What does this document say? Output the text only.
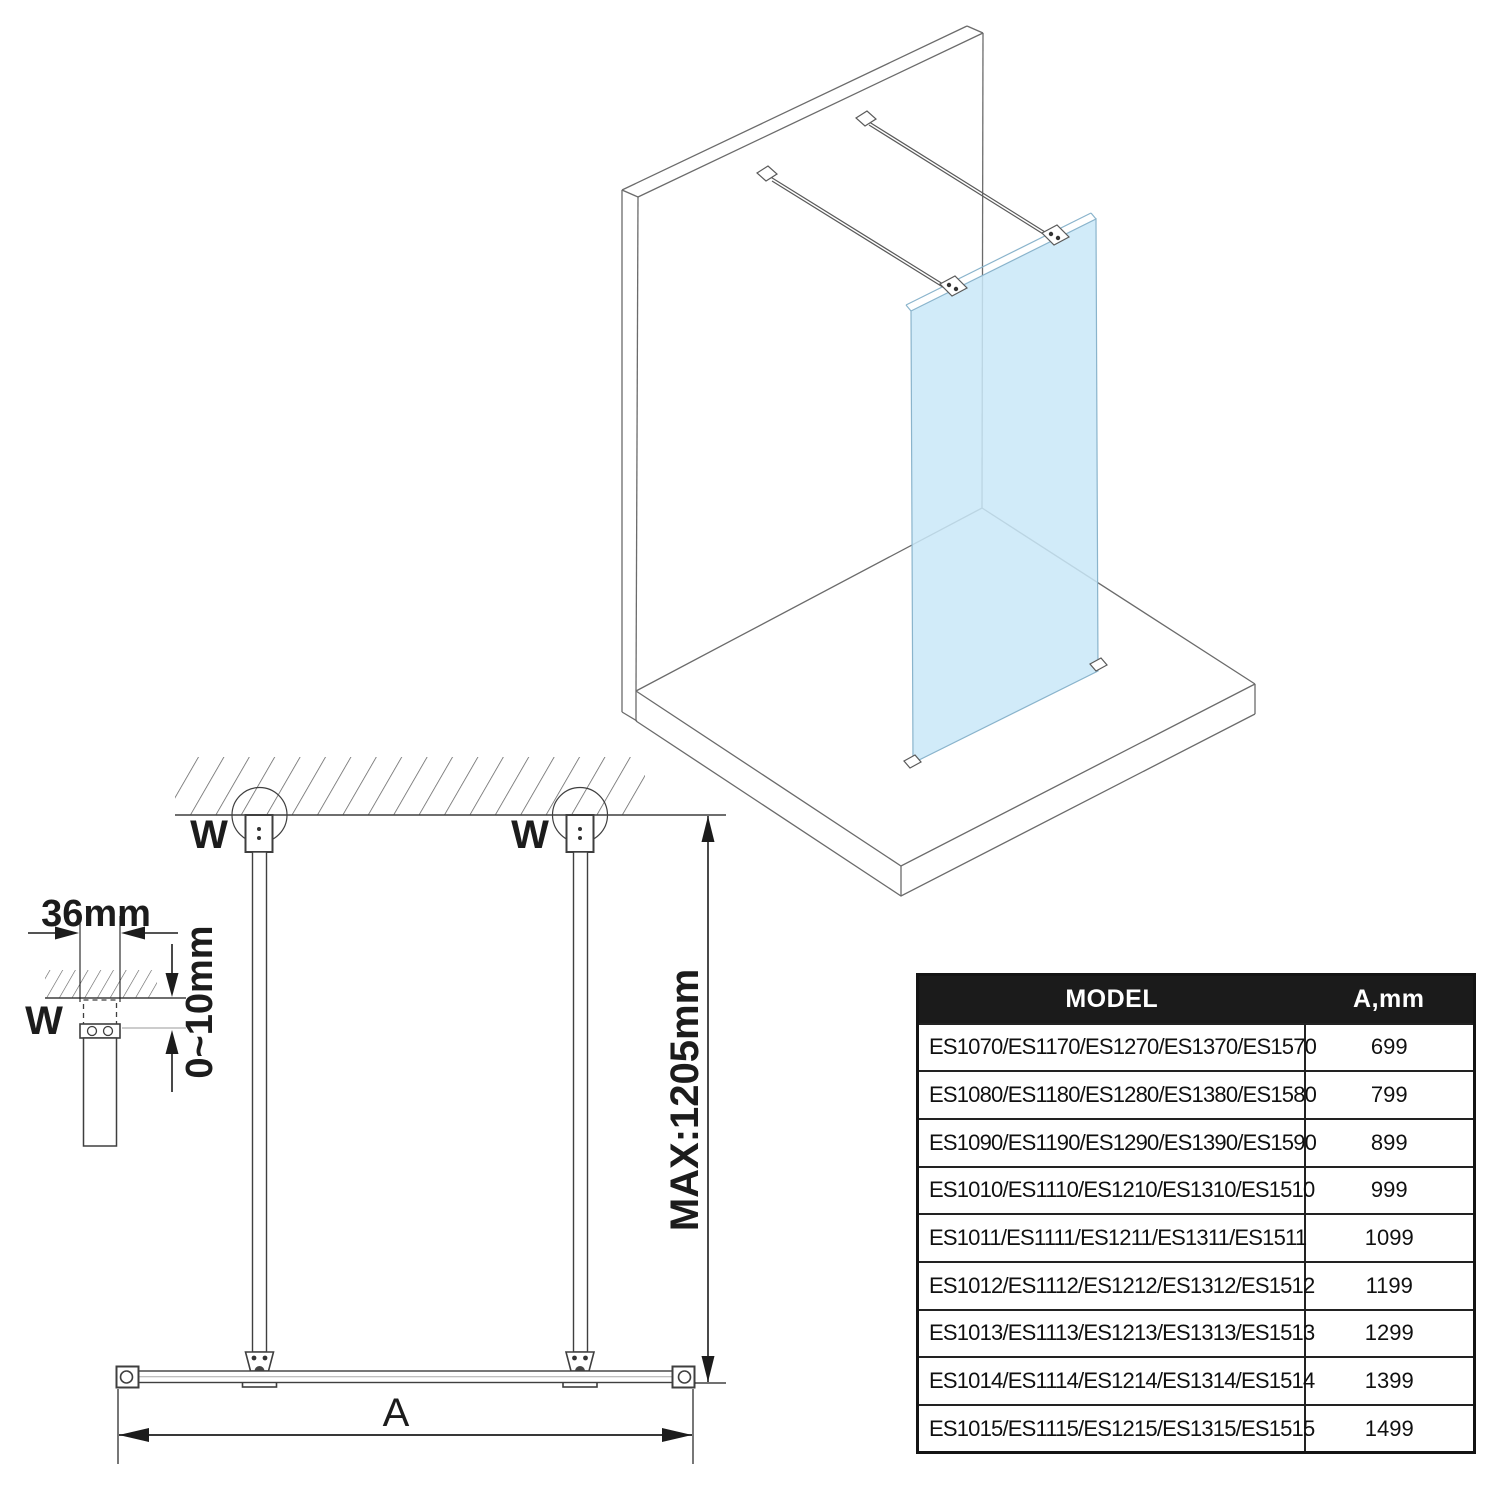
MAX:1205mm
A
W	W
36mm
0~10mm
W
MODEL	A,mm
ES1070/ES1170/ES1270/ES1370/ES1570	699
ES1080/ES1180/ES1280/ES1380/ES1580	799
ES1090/ES1190/ES1290/ES1390/ES1590	899
ES1010/ES1110/ES1210/ES1310/ES1510	999
ES1011/ES1111/ES1211/ES1311/ES1511	1099
ES1012/ES1112/ES1212/ES1312/ES1512	1199
ES1013/ES1113/ES1213/ES1313/ES1513	1299
ES1014/ES1114/ES1214/ES1314/ES1514	1399
ES1015/ES1115/ES1215/ES1315/ES1515	1499
